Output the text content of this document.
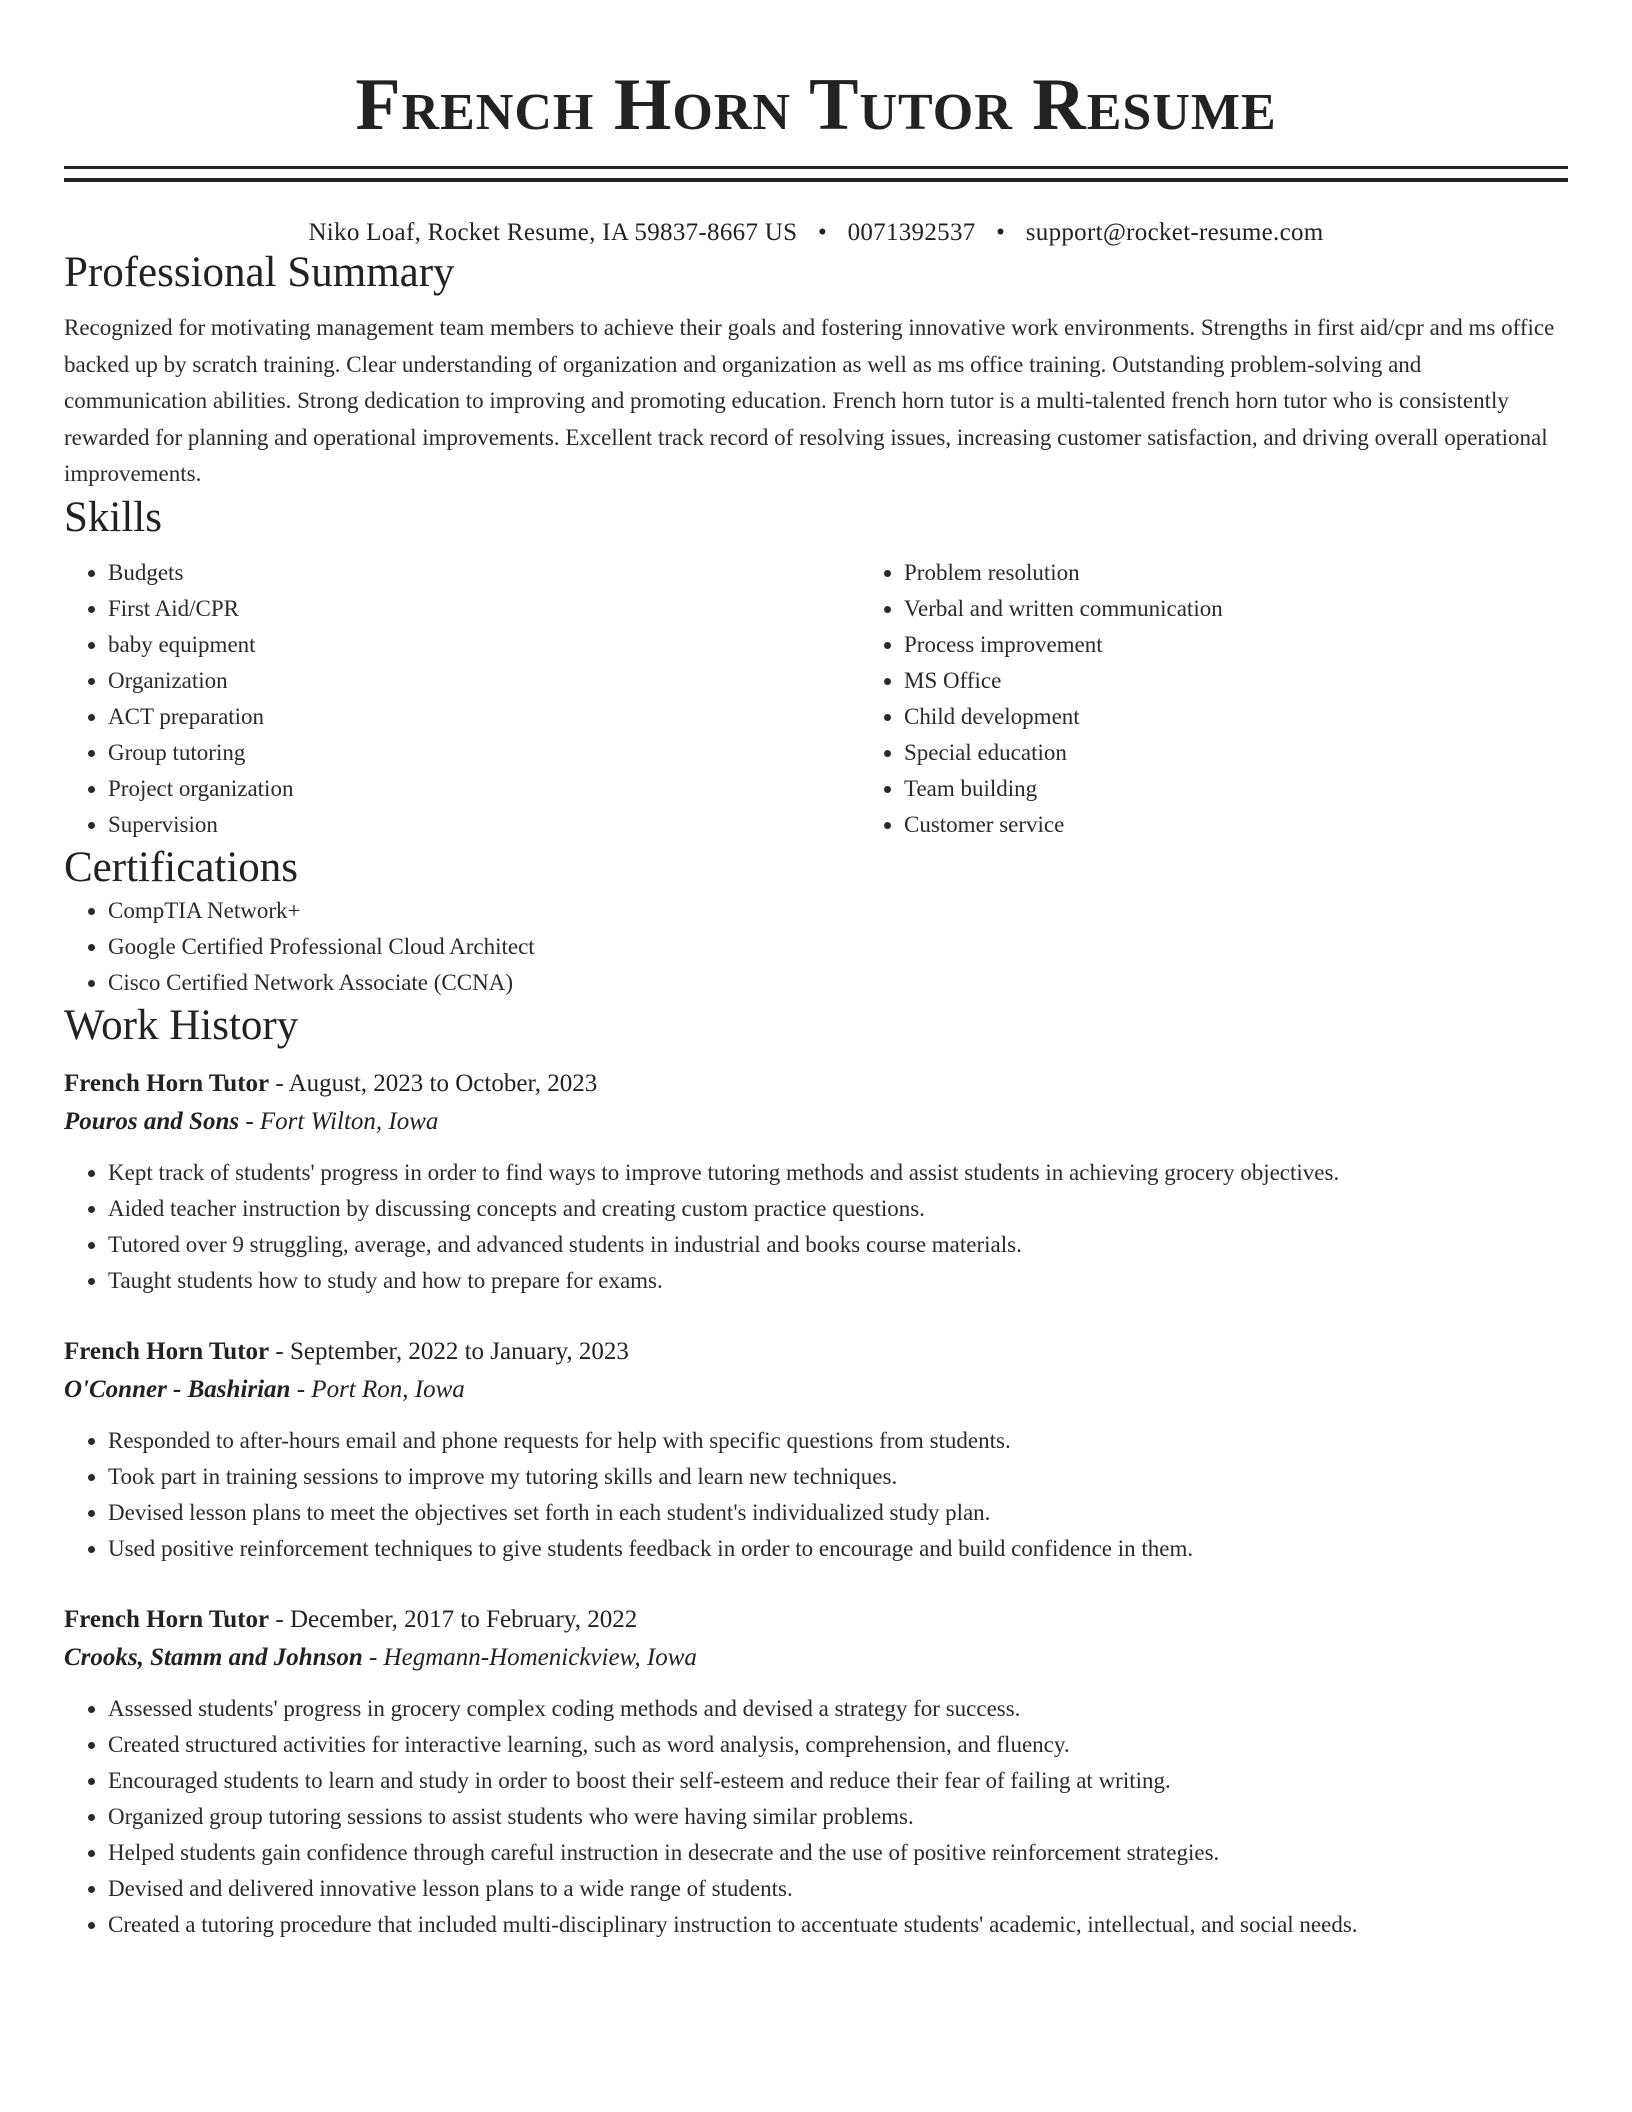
French Horn Tutor Resume
Niko Loaf, Rocket Resume, IA 59837-8667 US • 0071392537 • support@rocket-resume.com
Professional Summary

Recognized for motivating management team members to achieve their goals and fostering innovative work environments. Strengths in first aid/cpr and ms office backed up by scratch training. Clear understanding of organization and organization as well as ms office training. Outstanding problem-solving and communication abilities. Strong dedication to improving and promoting education. French horn tutor is a multi-talented french horn tutor who is consistently rewarded for planning and operational improvements. Excellent track record of resolving issues, increasing customer satisfaction, and driving overall operational improvements.

Skills
• Budgets
• First Aid/CPR
• baby equipment
• Organization
• ACT preparation
• Group tutoring
• Project organization
• Supervision
• Problem resolution
• Verbal and written communication
• Process improvement
• MS Office
• Child development
• Special education
• Team building
• Customer service
Certifications
• CompTIA Network+
• Google Certified Professional Cloud Architect
• Cisco Certified Network Associate (CCNA)
Work History
French Horn Tutor - August, 2023 to October, 2023
Pouros and Sons - Fort Wilton, Iowa
• Kept track of students' progress in order to find ways to improve tutoring methods and assist students in achieving grocery objectives.
• Aided teacher instruction by discussing concepts and creating custom practice questions.
• Tutored over 9 struggling, average, and advanced students in industrial and books course materials.
• Taught students how to study and how to prepare for exams.
French Horn Tutor - September, 2022 to January, 2023
O'Conner - Bashirian - Port Ron, Iowa
• Responded to after-hours email and phone requests for help with specific questions from students.
• Took part in training sessions to improve my tutoring skills and learn new techniques.
• Devised lesson plans to meet the objectives set forth in each student's individualized study plan.
• Used positive reinforcement techniques to give students feedback in order to encourage and build confidence in them.
French Horn Tutor - December, 2017 to February, 2022
Crooks, Stamm and Johnson - Hegmann-Homenickview, Iowa
• Assessed students' progress in grocery complex coding methods and devised a strategy for success.
• Created structured activities for interactive learning, such as word analysis, comprehension, and fluency.
• Encouraged students to learn and study in order to boost their self-esteem and reduce their fear of failing at writing.
• Organized group tutoring sessions to assist students who were having similar problems.
• Helped students gain confidence through careful instruction in desecrate and the use of positive reinforcement strategies.
• Devised and delivered innovative lesson plans to a wide range of students.
• Created a tutoring procedure that included multi-disciplinary instruction to accentuate students' academic, intellectual, and social needs.
